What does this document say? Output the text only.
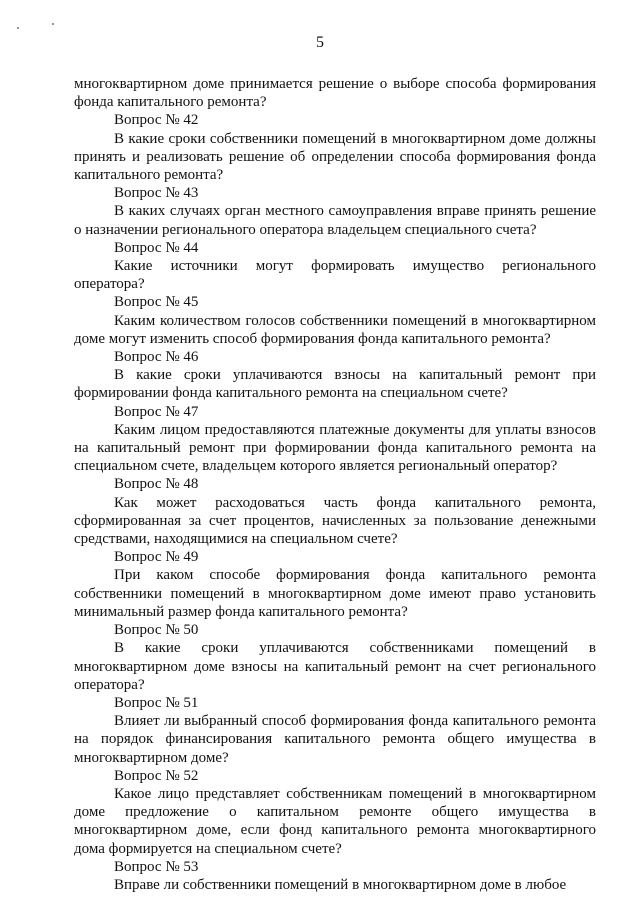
5

многоквартирном доме принимается решение о выборе способа формирования фонда капитального ремонта?

Вопрос № 42

В какие сроки собственники помещений в многоквартирном доме должны принять и реализовать решение об определении способа формирования фонда капитального ремонта?

Вопрос № 43

В каких случаях орган местного самоуправления вправе принять решение о назначении регионального оператора владельцем специального счета?

Вопрос № 44

Какие источники могут формировать имущество регионального оператора?

Вопрос № 45

Каким количеством голосов собственники помещений в многоквартирном доме могут изменить способ формирования фонда капитального ремонта?

Вопрос № 46

В какие сроки уплачиваются взносы на капитальный ремонт при формировании фонда капитального ремонта на специальном счете?

Вопрос № 47

Каким лицом предоставляются платежные документы для уплаты взносов на капитальный ремонт при формировании фонда капитального ремонта на специальном счете, владельцем которого является региональный оператор?

Вопрос № 48

Как может расходоваться часть фонда капитального ремонта, сформированная за счет процентов, начисленных за пользование денежными средствами, находящимися на специальном счете?

Вопрос № 49

При каком способе формирования фонда капитального ремонта собственники помещений в многоквартирном доме имеют право установить минимальный размер фонда капитального ремонта?

Вопрос № 50

В какие сроки уплачиваются собственниками помещений в многоквартирном доме взносы на капитальный ремонт на счет регионального оператора?

Вопрос № 51

Влияет ли выбранный способ формирования фонда капитального ремонта на порядок финансирования капитального ремонта общего имущества в многоквартирном доме?

Вопрос № 52

Какое лицо представляет собственникам помещений в многоквартирном доме предложение о капитальном ремонте общего имущества в многоквартирном доме, если фонд капитального ремонта многоквартирного дома формируется на специальном счете?

Вопрос № 53

Вправе ли собственники помещений в многоквартирном доме в любое
